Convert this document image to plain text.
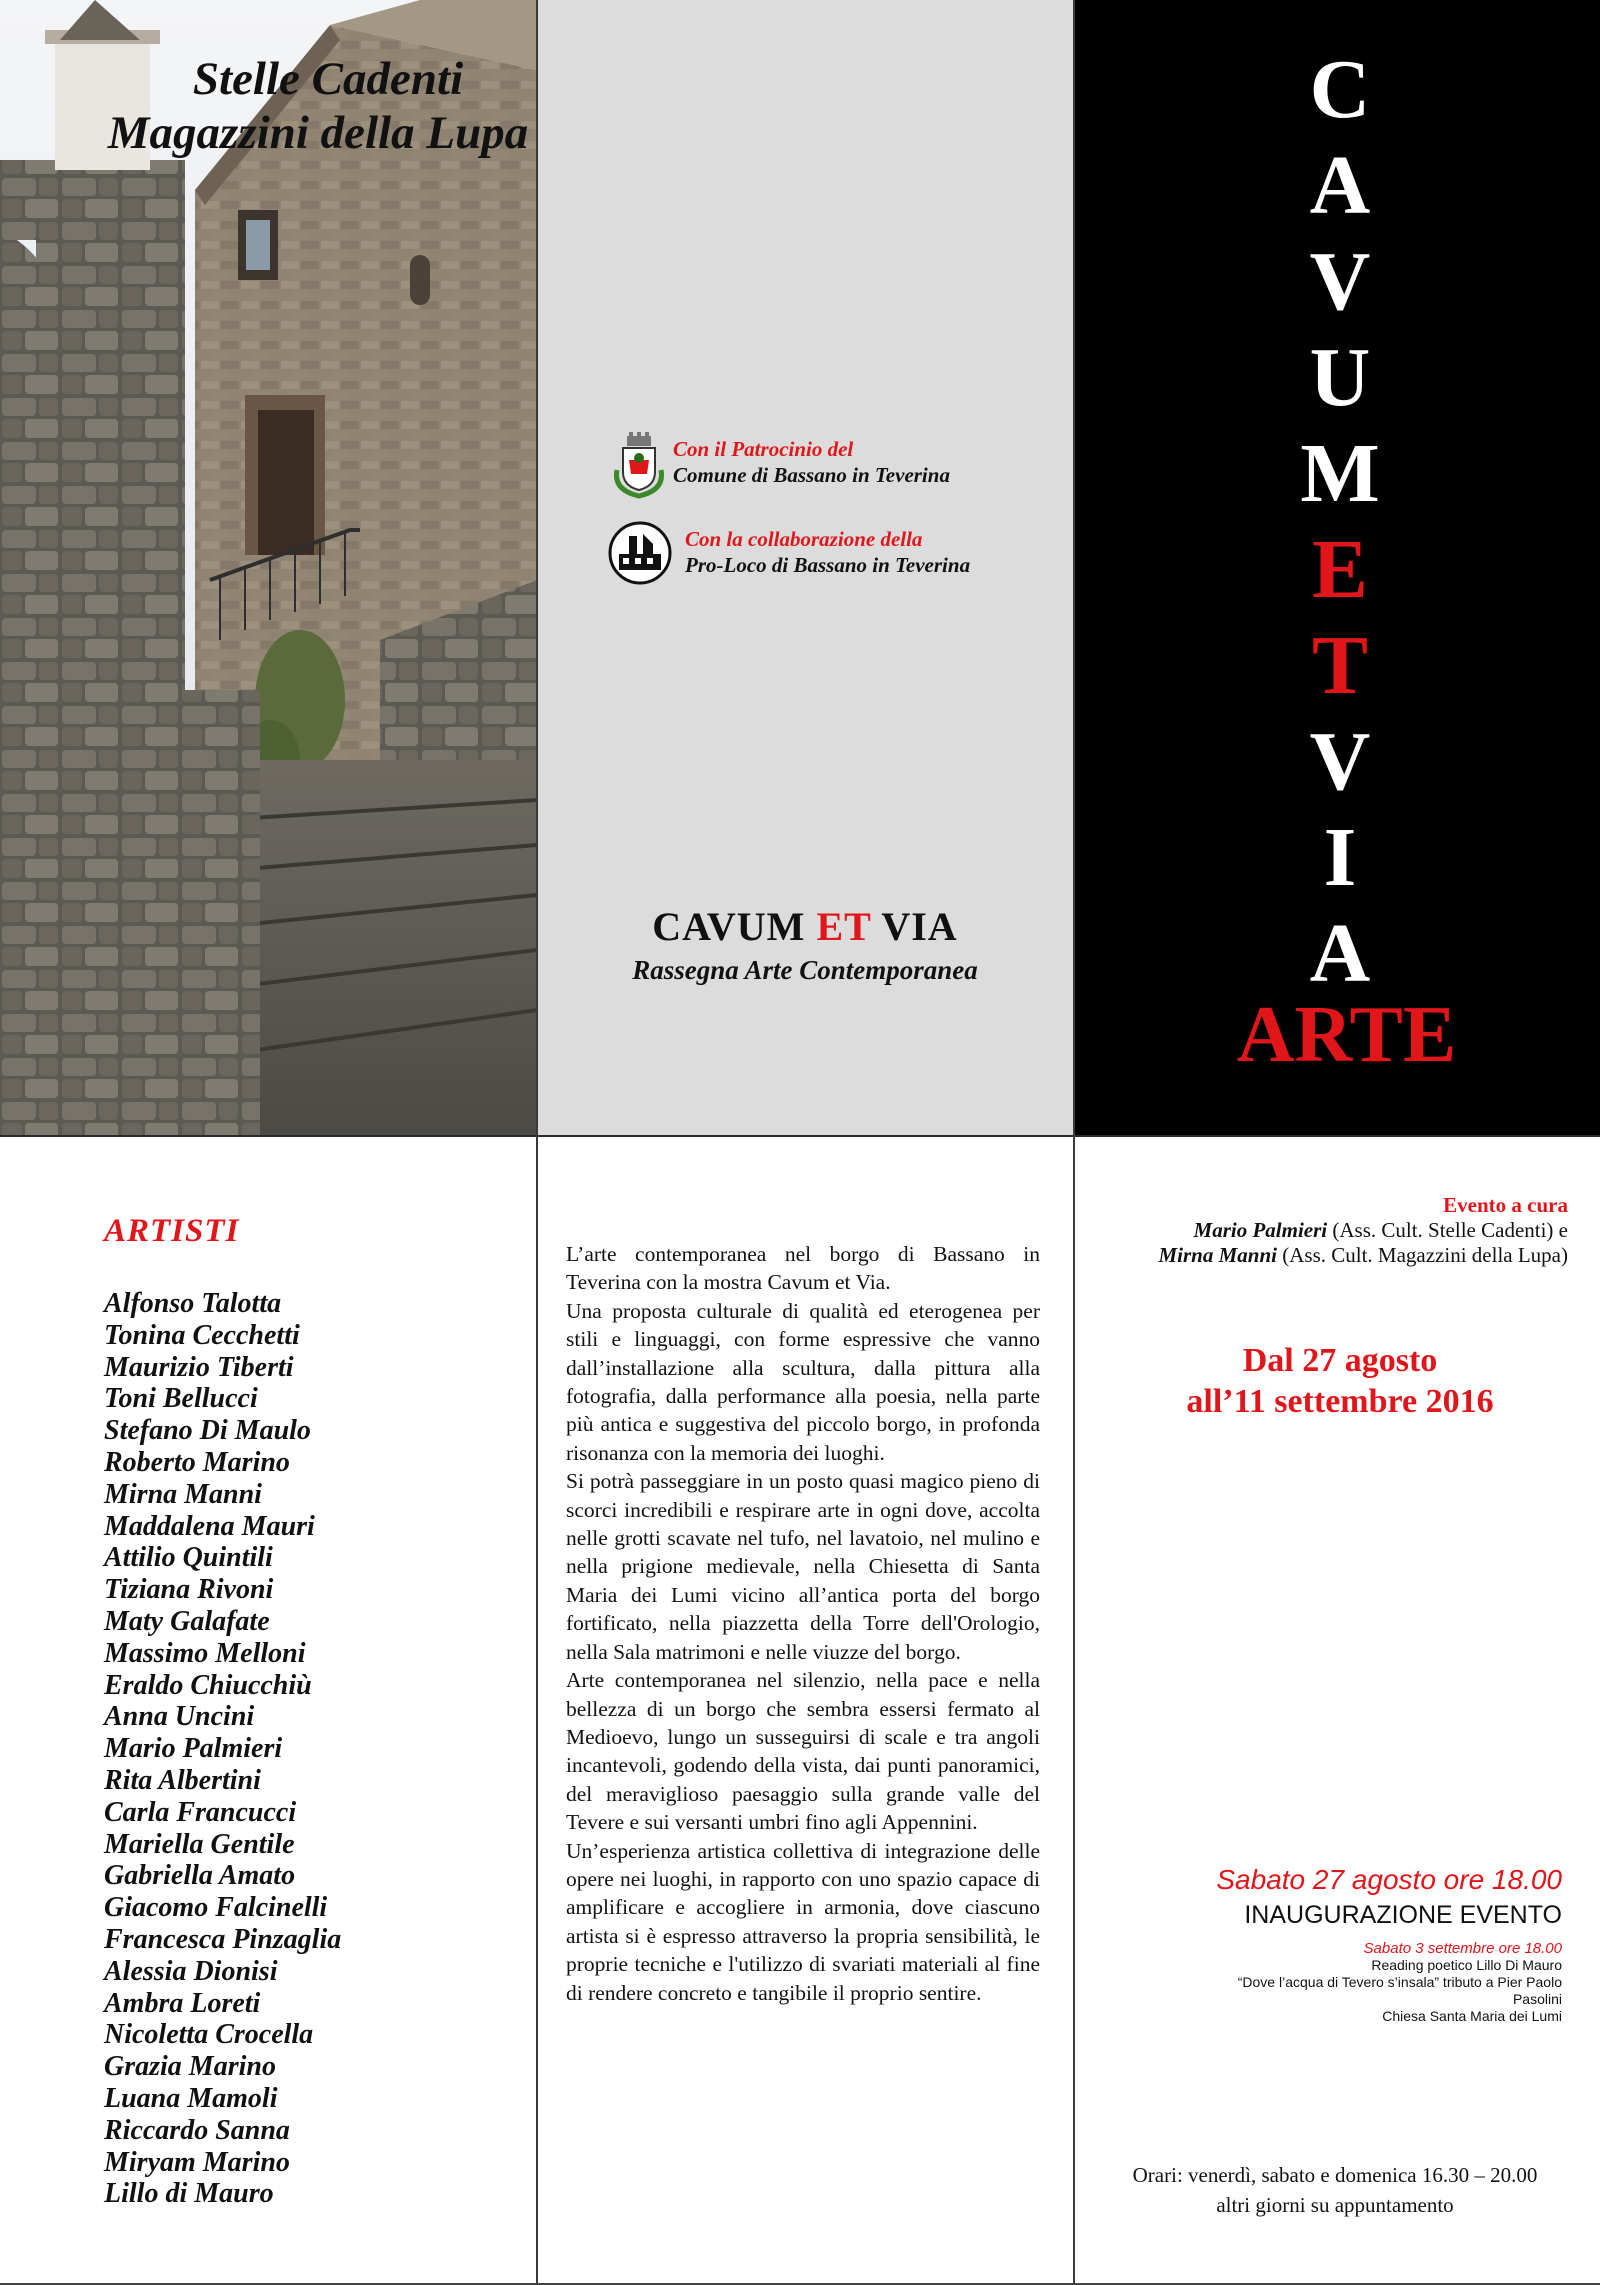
Stelle Cadenti
Magazzini della Lupa
Con il Patrocinio del
Comune di Bassano in Teverina
Con la collaborazione della
Pro-Loco di Bassano in Teverina
CAVUM ET VIA
Rassegna Arte Contemporanea
C
A
V
U
M
E
T
V
I
A
ARTE
ARTISTI
Alfonso Talotta
Tonina Cecchetti
Maurizio Tiberti
Toni Bellucci
Stefano Di Maulo
Roberto Marino
Mirna Manni
Maddalena Mauri
Attilio Quintili
Tiziana Rivoni
Maty Galafate
Massimo Melloni
Eraldo Chiucchiù
Anna Uncini
Mario Palmieri
Rita Albertini
Carla Francucci
Mariella Gentile
Gabriella Amato
Giacomo Falcinelli
Francesca Pinzaglia
Alessia Dionisi
Ambra Loreti
Nicoletta Crocella
Grazia Marino
Luana Mamoli
Riccardo Sanna
Miryam Marino
Lillo di Mauro

L’arte contemporanea nel borgo di Bassano in Teverina con la mostra Cavum et Via.

Una proposta culturale di qualità ed eterogenea per stili e linguaggi, con forme espressive che vanno dall’installazione alla scultura, dalla pittura alla fotografia, dalla performance alla poesia, nella parte più antica e suggestiva del piccolo borgo, in profonda risonanza con la memoria dei luoghi.

Si potrà passeggiare in un posto quasi magico pieno di scorci incredibili e respirare arte in ogni dove, accolta nelle grotti scavate nel tufo, nel lavatoio, nel mulino e nella prigione medievale, nella Chiesetta di Santa Maria dei Lumi vicino all’antica porta del borgo fortificato, nella piazzetta della Torre dell'Orologio, nella Sala matrimoni e nelle viuzze del borgo.

Arte contemporanea nel silenzio, nella pace e nella bellezza di un borgo che sembra essersi fermato al Medioevo, lungo un susseguirsi di scale e tra angoli incantevoli, godendo della vista, dai punti panoramici, del meraviglioso paesaggio sulla grande valle del Tevere e sui versanti umbri fino agli Appennini.

Un’esperienza artistica collettiva di integrazione delle opere nei luoghi, in rapporto con uno spazio capace di amplificare e accogliere in armonia, dove ciascuno artista si è espresso attraverso la propria sensibilità, le proprie tecniche e l'utilizzo di svariati materiali al fine di rendere concreto e tangibile il proprio sentire.

Evento a cura
Mario Palmieri (Ass. Cult. Stelle Cadenti) e
Mirna Manni (Ass. Cult. Magazzini della Lupa)
Dal 27 agosto
all’11 settembre 2016
Sabato 27 agosto ore 18.00
INAUGURAZIONE EVENTO
Sabato 3 settembre ore 18.00
Reading poetico Lillo Di Mauro
“Dove l’acqua di Tevero s’insala” tributo a Pier Paolo
Pasolini
Chiesa Santa Maria dei Lumi
Orari: venerdì, sabato e domenica 16.30 – 20.00
altri giorni su appuntamento
